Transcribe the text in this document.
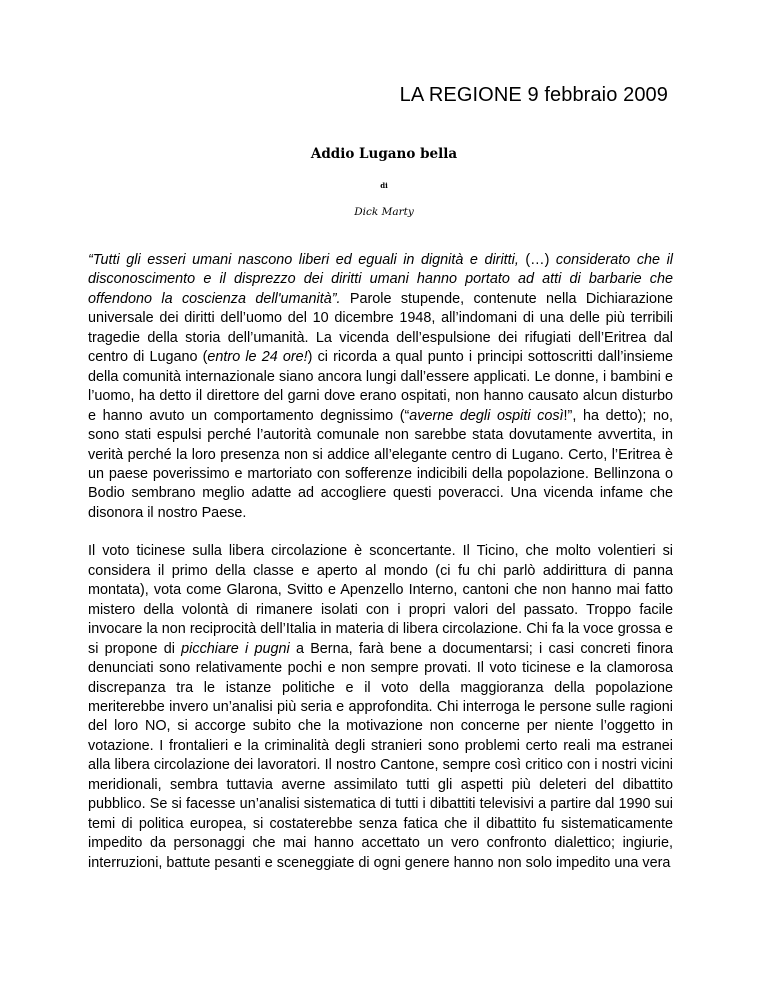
LA REGIONE 9 febbraio 2009
Addio Lugano bella
di
Dick Marty

“Tutti gli esseri umani nascono liberi ed eguali in dignità e diritti, (…) considerato che il disconoscimento e il disprezzo dei diritti umani hanno portato ad atti di barbarie che offendono la coscienza dell'umanità”. Parole stupende, contenute nella Dichiarazione universale dei diritti dell’uomo del 10 dicembre 1948, all’indomani di una delle più terribili tragedie della storia dell’umanità. La vicenda dell’espulsione dei rifugiati dell’Eritrea dal centro di Lugano (entro le 24 ore!) ci ricorda a qual punto i principi sottoscritti dall’insieme della comunità internazionale siano ancora lungi dall’essere applicati. Le donne, i bambini e l’uomo, ha detto il direttore del garni dove erano ospitati, non hanno causato alcun disturbo e hanno avuto un comportamento degnissimo (“averne degli ospiti così!”, ha detto); no, sono stati espulsi perché l’autorità comunale non sarebbe stata dovutamente avvertita, in verità perché la loro presenza non si addice all’elegante centro di Lugano. Certo, l’Eritrea è un paese poverissimo e martoriato con sofferenze indicibili della popolazione. Bellinzona o Bodio sembrano meglio adatte ad accogliere questi poveracci. Una vicenda infame che disonora il nostro Paese.

Il voto ticinese sulla libera circolazione è sconcertante. Il Ticino, che molto volentieri si considera il primo della classe e aperto al mondo (ci fu chi parlò addirittura di panna montata), vota come Glarona, Svitto e Apenzello Interno, cantoni che non hanno mai fatto mistero della volontà di rimanere isolati con i propri valori del passato. Troppo facile invocare la non reciprocità dell’Italia in materia di libera circolazione. Chi fa la voce grossa e si propone di picchiare i pugni a Berna, farà bene a documentarsi; i casi concreti finora denunciati sono relativamente pochi e non sempre provati. Il voto ticinese e la clamorosa discrepanza tra le istanze politiche e il voto della maggioranza della popolazione meriterebbe invero un’analisi più seria e approfondita. Chi interroga le persone sulle ragioni del loro NO, si accorge subito che la motivazione non concerne per niente l’oggetto in votazione. I frontalieri e la criminalità degli stranieri sono problemi certo reali ma estranei alla libera circolazione dei lavoratori. Il nostro Cantone, sempre così critico con i nostri vicini meridionali, sembra tuttavia averne assimilato tutti gli aspetti più deleteri del dibattito pubblico. Se si facesse un’analisi sistematica di tutti i dibattiti televisivi a partire dal 1990 sui temi di politica europea, si costaterebbe senza fatica che il dibattito fu sistematicamente impedito da personaggi che mai hanno accettato un vero confronto dialettico; ingiurie, interruzioni, battute pesanti e sceneggiate di ogni genere hanno non solo impedito una vera
